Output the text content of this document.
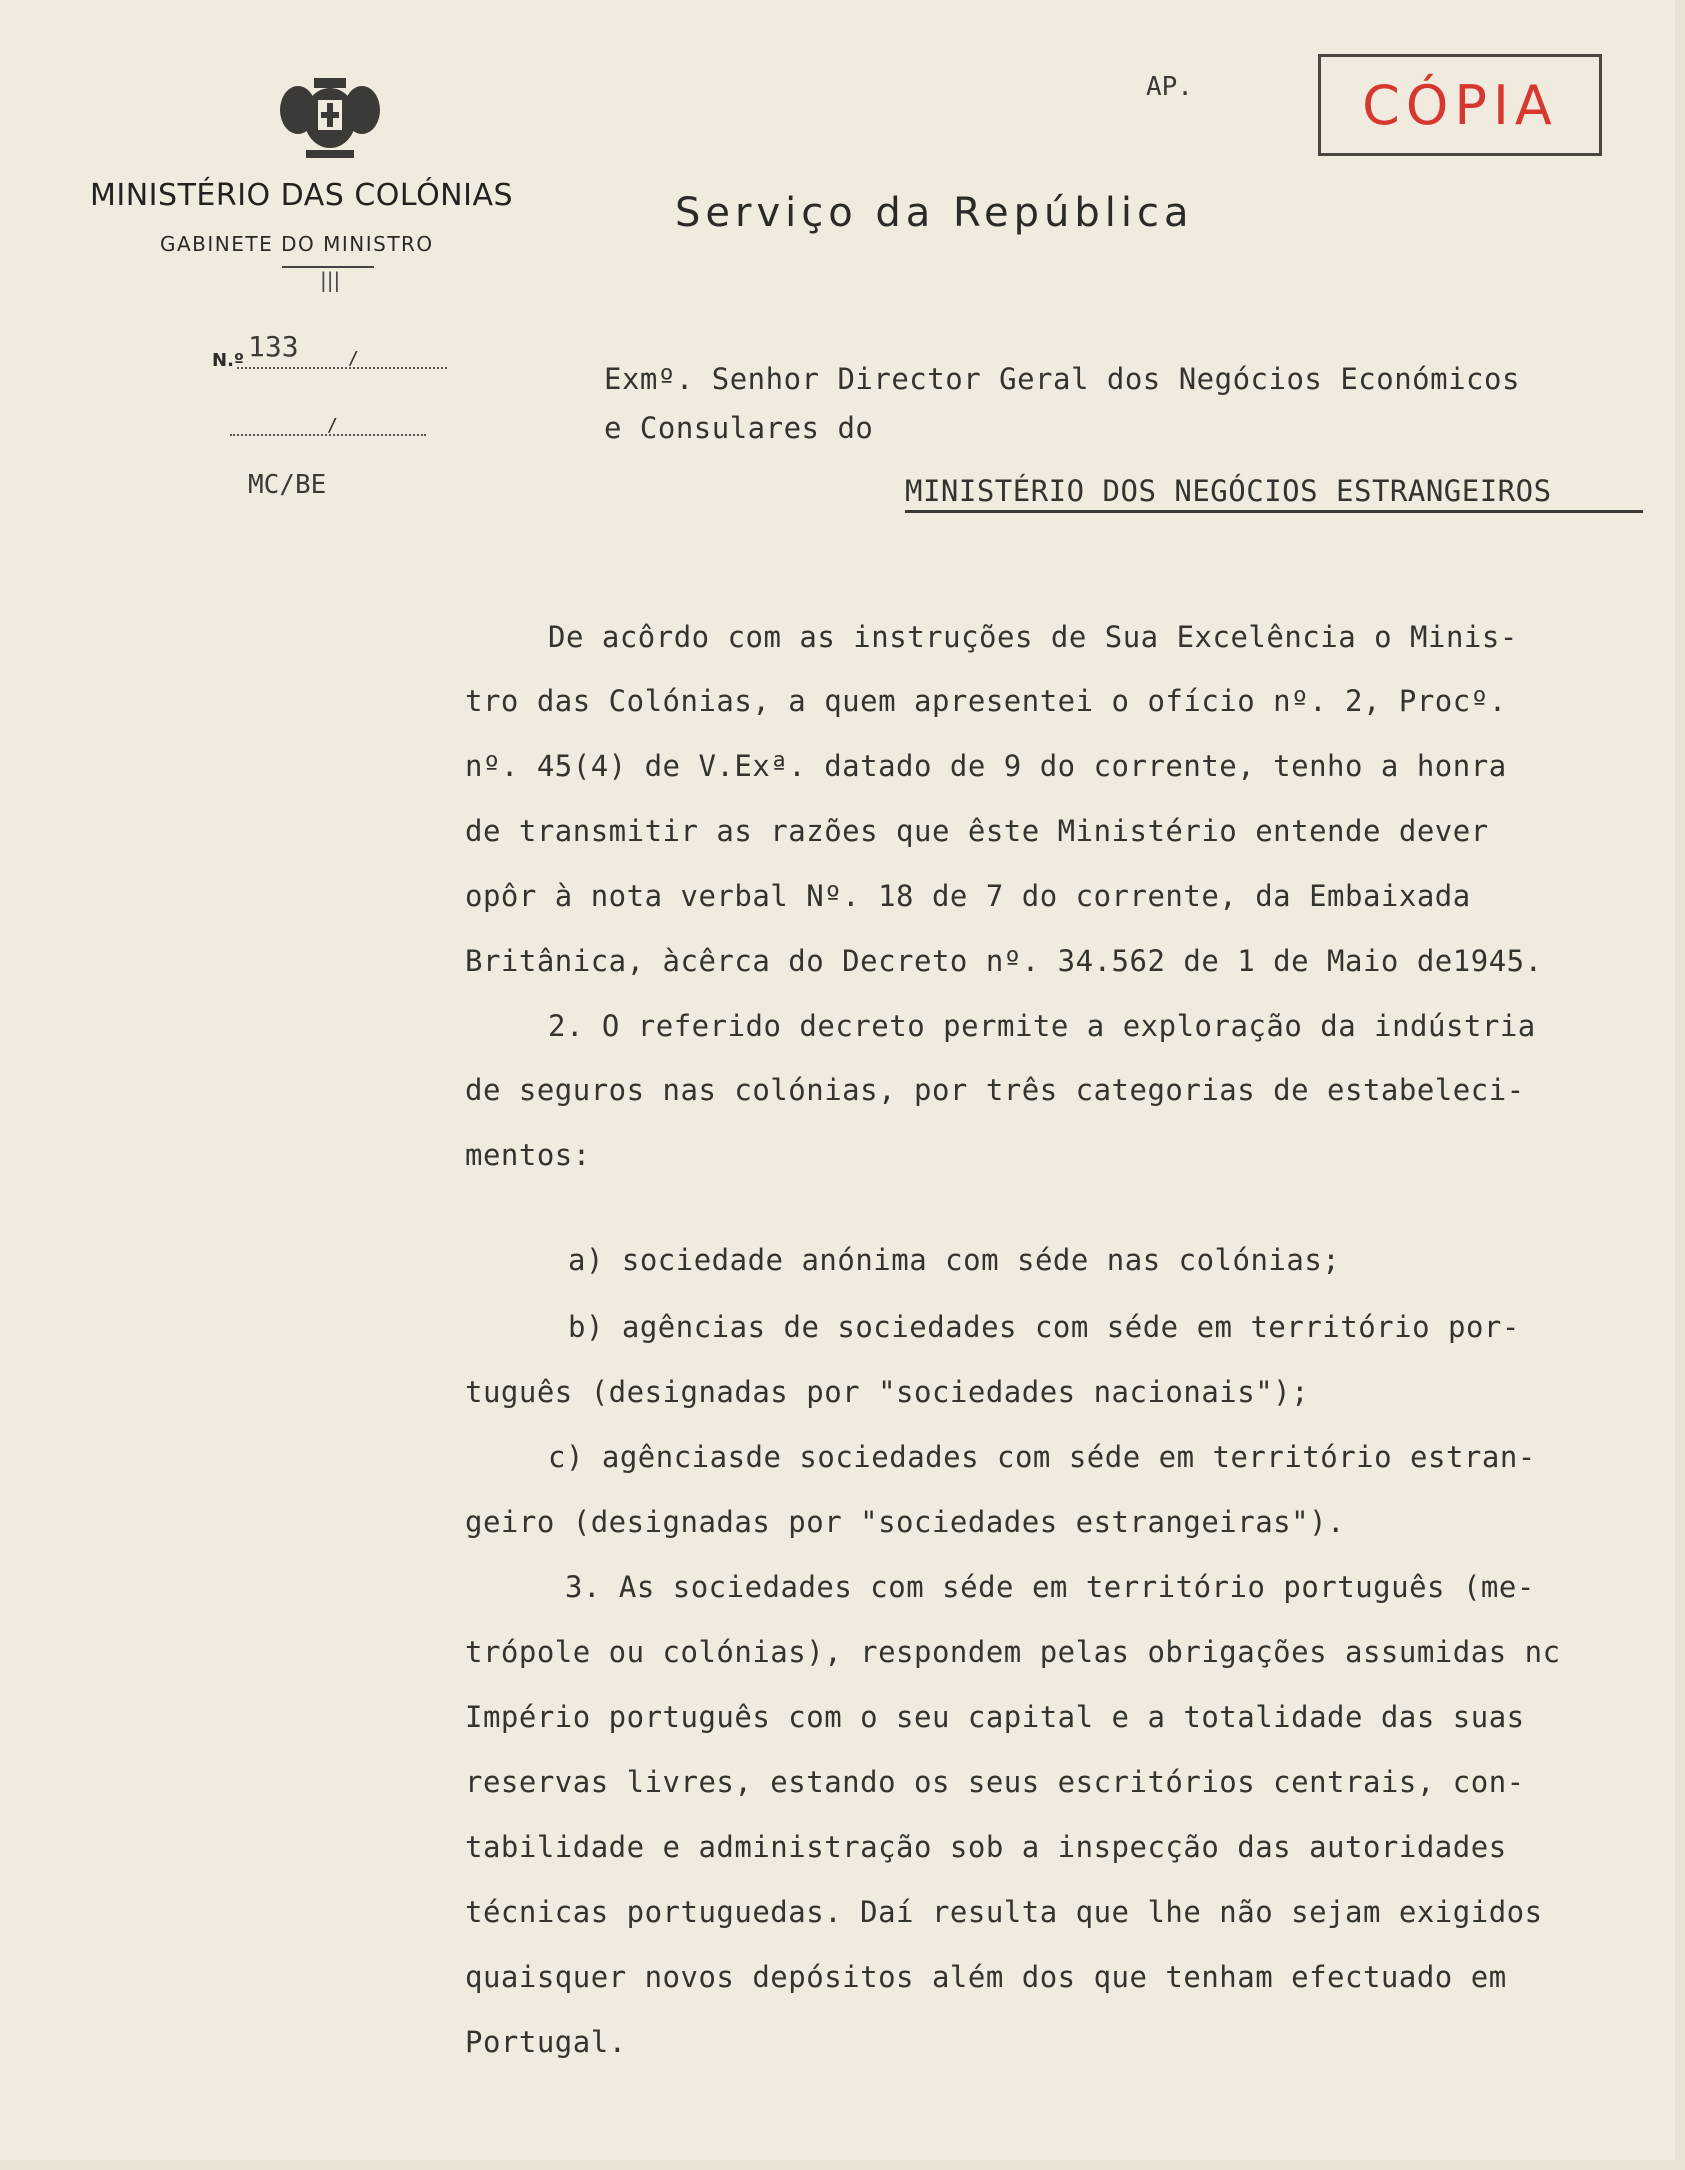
MINISTÉRIO DAS COLÓNIAS
GABINETE DO MINISTRO
|||
N.º 133	/
/
MC/BE
AP.	CÓPIA
Serviço da República
Exmº. Senhor Director Geral dos Negócios Económicos
e Consulares do
MINISTÉRIO DOS NEGÓCIOS ESTRANGEIROS
De acôrdo com as instruções de Sua Excelência o Minis-
tro das Colónias, a quem apresentei o ofício nº. 2, Procº.
nº. 45(4) de V.Exª. datado de 9 do corrente, tenho a honra
de transmitir as razões que êste Ministério entende dever
opôr à nota verbal Nº. 18 de 7 do corrente, da Embaixada
Britânica, àcêrca do Decreto nº. 34.562 de 1 de Maio de1945.
2. O referido decreto permite a exploração da indústria
de seguros nas colónias, por três categorias de estabeleci-
mentos:
a) sociedade anónima com séde nas colónias;
b) agências de sociedades com séde em território por-
tuguês (designadas por "sociedades nacionais");
c) agênciasde sociedades com séde em território estran-
geiro (designadas por "sociedades estrangeiras").
3. As sociedades com séde em território português (me-
trópole ou colónias), respondem pelas obrigações assumidas nc
Império português com o seu capital e a totalidade das suas
reservas livres, estando os seus escritórios centrais, con-
tabilidade e administração sob a inspecção das autoridades
técnicas portuguedas. Daí resulta que lhe não sejam exigidos
quaisquer novos depósitos além dos que tenham efectuado em
Portugal.
